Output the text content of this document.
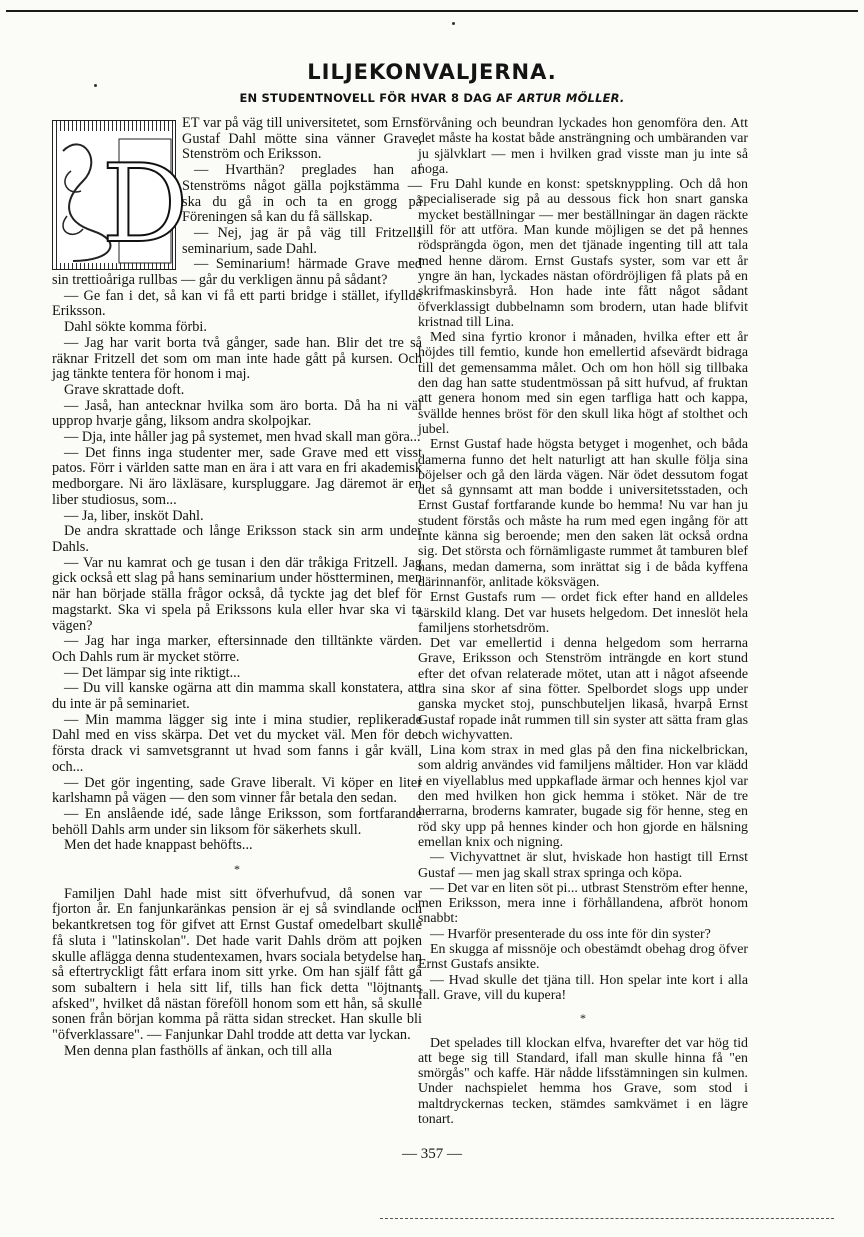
LILJEKONVALJERNA.
EN STUDENTNOVELL FÖR HVAR 8 DAG AF ARTUR MÖLLER.
D

ET var på väg till universitetet, som Ernst Gustaf Dahl mötte sina vänner Grave, Stenström och Eriksson.

— Hvarthän? preglades han af Stenströms något gälla pojkstämma — ska du gå in och ta en grogg på Föreningen så kan du få sällskap.

— Nej, jag är på väg till Fritzells seminarium, sade Dahl.

— Seminarium! härmade Grave med sin trettioåriga rullbas — går du verkligen ännu på sådant?

— Ge fan i det, så kan vi få ett parti bridge i stället, ifyllde Eriksson.

Dahl sökte komma förbi.

— Jag har varit borta två gånger, sade han. Blir det tre så räknar Fritzell det som om man inte hade gått på kursen. Och jag tänkte tentera för honom i maj.

Grave skrattade doft.

— Jaså, han antecknar hvilka som äro borta. Då ha ni väl upprop hvarje gång, liksom andra skolpojkar.

— Dja, inte håller jag på systemet, men hvad skall man göra...

— Det finns inga studenter mer, sade Grave med ett visst patos. Förr i världen satte man en ära i att vara en fri akademisk medborgare. Ni äro läxläsare, kurspluggare. Jag däremot är en liber studiosus, som...

— Ja, liber, insköt Dahl.

De andra skrattade och långe Eriksson stack sin arm under Dahls.

— Var nu kamrat och ge tusan i den där tråkiga Fritzell. Jag gick också ett slag på hans seminarium under höstterminen, men när han började ställa frågor också, då tyckte jag det blef för magstarkt. Ska vi spela på Erikssons kula eller hvar ska vi ta vägen?

— Jag har inga marker, eftersinnade den tilltänkte värden. Och Dahls rum är mycket större.

— Det lämpar sig inte riktigt...

— Du vill kanske ogärna att din mamma skall konstatera, att du inte är på seminariet.

— Min mamma lägger sig inte i mina studier, replikerade Dahl med en viss skärpa. Det vet du mycket väl. Men för det första drack vi samvetsgrannt ut hvad som fanns i går kväll, och...

— Det gör ingenting, sade Grave liberalt. Vi köper en liter karlshamn på vägen — den som vinner får betala den sedan.

— En anslående idé, sade långe Eriksson, som fortfarande behöll Dahls arm under sin liksom för säkerhets skull.

Men det hade knappast behöfts...

*

Familjen Dahl hade mist sitt öfverhufvud, då sonen var fjorton år. En fanjunkaränkas pension är ej så svindlande och bekantkretsen tog för gifvet att Ernst Gustaf omedelbart skulle få sluta i "latinskolan". Det hade varit Dahls dröm att pojken skulle aflägga denna studentexamen, hvars sociala betydelse han så eftertryckligt fått erfara inom sitt yrke. Om han själf fått gå som subaltern i hela sitt lif, tills han fick detta "löjtnants afsked", hvilket då nästan föreföll honom som ett hån, så skulle sonen från början komma på rätta sidan strecket. Han skulle bli "öfverklassare". — Fanjunkar Dahl trodde att detta var lyckan.

Men denna plan fasthölls af änkan, och till alla

förvåning och beundran lyckades hon genomföra den. Att det måste ha kostat både ansträngning och umbäranden var ju självklart — men i hvilken grad visste man ju inte så noga.

Fru Dahl kunde en konst: spetsknyppling. Och då hon specialiserade sig på au dessous fick hon snart ganska mycket beställningar — mer beställningar än dagen räckte till för att utföra. Man kunde möjligen se det på hennes rödsprängda ögon, men det tjänade ingenting till att tala med henne därom. Ernst Gustafs syster, som var ett år yngre än han, lyckades nästan ofördröjligen få plats på en skrifmaskinsbyrå. Hon hade inte fått något sådant öfverklassigt dubbelnamn som brodern, utan hade blifvit kristnad till Lina.

Med sina fyrtio kronor i månaden, hvilka efter ett år höjdes till femtio, kunde hon emellertid afsevärdt bidraga till det gemensamma målet. Och om hon höll sig tillbaka den dag han satte studentmössan på sitt hufvud, af fruktan att genera honom med sin egen tarfliga hatt och kappa, svällde hennes bröst för den skull lika högt af stolthet och jubel.

Ernst Gustaf hade högsta betyget i mogenhet, och båda damerna funno det helt naturligt att han skulle följa sina böjelser och gå den lärda vägen. När ödet dessutom fogat det så gynnsamt att man bodde i universitetsstaden, och Ernst Gustaf fortfarande kunde bo hemma! Nu var han ju student förstås och måste ha rum med egen ingång för att inte känna sig beroende; men den saken lät också ordna sig. Det största och förnämligaste rummet åt tamburen blef hans, medan damerna, som inrättat sig i de båda kyffena därinnanför, anlitade köksvägen.

Ernst Gustafs rum — ordet fick efter hand en alldeles särskild klang. Det var husets helgedom. Det inneslöt hela familjens storhetsdröm.

Det var emellertid i denna helgedom som herrarna Grave, Eriksson och Stenström inträngde en kort stund efter det ofvan relaterade mötet, utan att i något afseende dra sina skor af sina fötter. Spelbordet slogs upp under ganska mycket stoj, punschbuteljen likaså, hvarpå Ernst Gustaf ropade inåt rummen till sin syster att sätta fram glas och wichyvatten.

Lina kom strax in med glas på den fina nickelbrickan, som aldrig användes vid familjens måltider. Hon var klädd i en viyellablus med uppkaflade ärmar och hennes kjol var den med hvilken hon gick hemma i stöket. När de tre herrarna, broderns kamrater, bugade sig för henne, steg en röd sky upp på hennes kinder och hon gjorde en hälsning emellan knix och nigning.

— Vichyvattnet är slut, hviskade hon hastigt till Ernst Gustaf — men jag skall strax springa och köpa.

— Det var en liten söt pi... utbrast Stenström efter henne, men Eriksson, mera inne i förhållandena, afbröt honom snabbt:

— Hvarför presenterade du oss inte för din syster?

En skugga af missnöje och obestämdt obehag drog öfver Ernst Gustafs ansikte.

— Hvad skulle det tjäna till. Hon spelar inte kort i alla fall. Grave, vill du kupera!

*

Det spelades till klockan elfva, hvarefter det var hög tid att bege sig till Standard, ifall man skulle hinna få "en smörgås" och kaffe. Här nådde lifsstämningen sin kulmen. Under nachspielet hemma hos Grave, som stod i maltdryckernas tecken, stämdes samkvämet i en lägre tonart.

— 357 —
